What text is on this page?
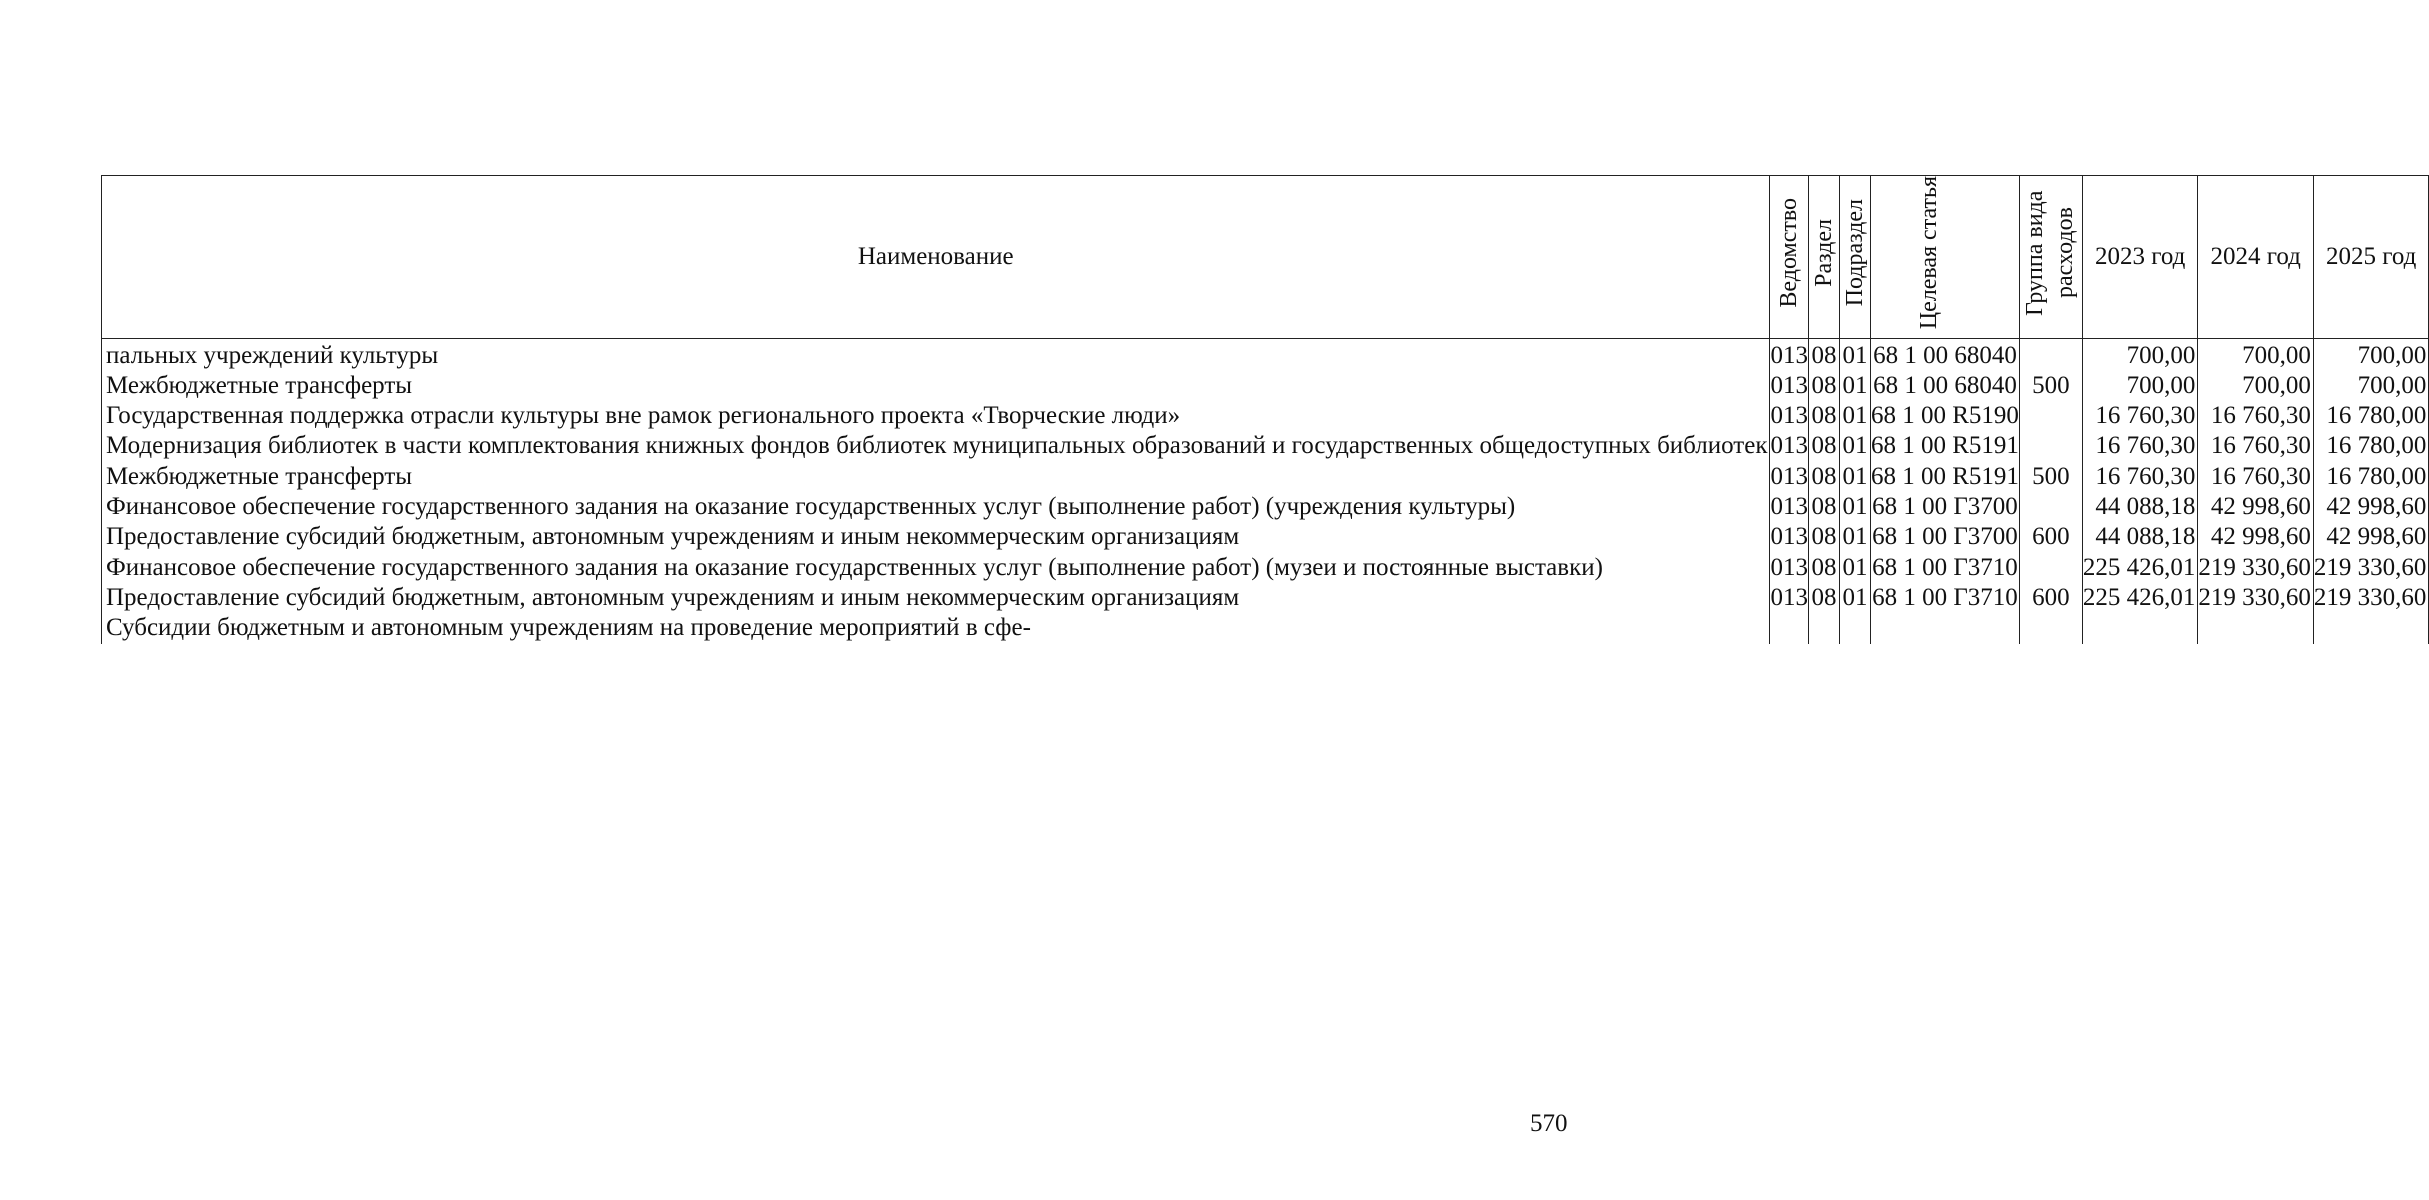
Наименование	Ведомство	Раздел	Подраздел	Целевая статья	Группа вида расходов	2023 год	2024 год	2025 год
пальных учреждений культуры	013	08	01	68 1 00 68040		700,00	700,00	700,00
Межбюджетные трансферты	013	08	01	68 1 00 68040	500	700,00	700,00	700,00
Государственная поддержка отрасли культуры вне рамок регионального проекта «Творческие люди»	013	08	01	68 1 00 R5190		16 760,30	16 760,30	16 780,00
Модернизация библиотек в части комплектования книжных фондов библиотек муниципальных образований и государственных общедоступных библиотек	013	08	01	68 1 00 R5191		16 760,30	16 760,30	16 780,00
Межбюджетные трансферты	013	08	01	68 1 00 R5191	500	16 760,30	16 760,30	16 780,00
Финансовое обеспечение государственного задания на оказание государственных услуг (выполнение работ) (учреждения культуры)	013	08	01	68 1 00 Г3700		44 088,18	42 998,60	42 998,60
Предоставление субсидий бюджетным, автономным учреждениям и иным некоммерческим организациям	013	08	01	68 1 00 Г3700	600	44 088,18	42 998,60	42 998,60
Финансовое обеспечение государственного задания на оказание государственных услуг (выполнение работ) (музеи и постоянные выставки)	013	08	01	68 1 00 Г3710		225 426,01	219 330,60	219 330,60
Предоставление субсидий бюджетным, автономным учреждениям и иным некоммерческим организациям	013	08	01	68 1 00 Г3710	600	225 426,01	219 330,60	219 330,60
Субсидии бюджетным и автономным учреждениям на проведение мероприятий в сфе-								
570
